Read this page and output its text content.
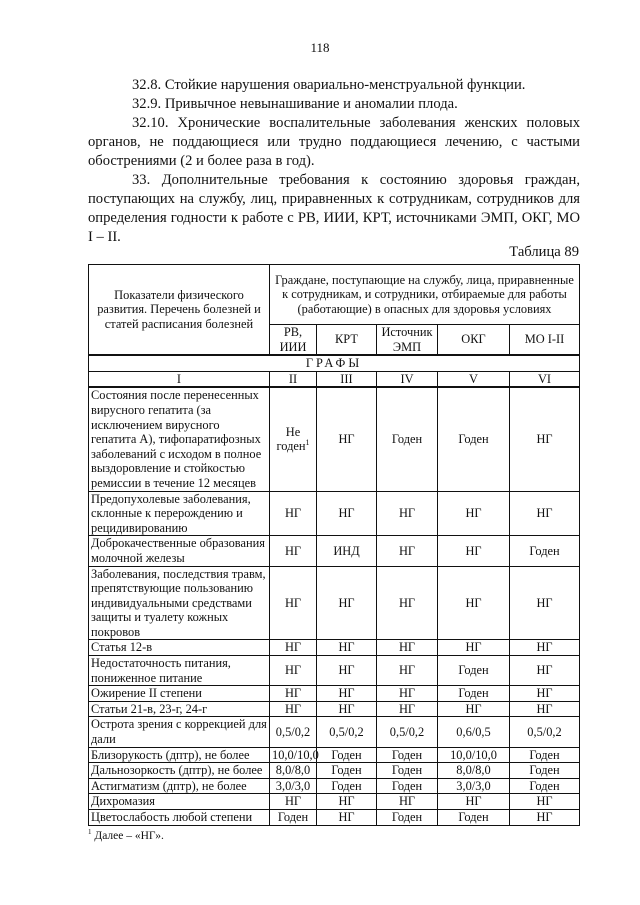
118

32.8. Стойкие нарушения овариально-менструальной функции.

32.9. Привычное невынашивание и аномалии плода.

32.10. Хронические воспалительные заболевания женских половых органов, не поддающиеся или трудно поддающиеся лечению, с частыми обострениями (2 и более раза в год).

33. Дополнительные требования к состоянию здоровья граждан, поступающих на службу, лиц, приравненных к сотрудникам, сотрудников для определения годности к работе с РВ, ИИИ, КРТ, источниками ЭМП, ОКГ, МО I – II.

Таблица 89
Показатели физического развития. Перечень болезней и статей расписания болезней	Граждане, поступающие на службу, лица, приравненные к сотрудникам, и сотрудники, отбираемые для работы (работающие) в опасных для здоровья условиях				
	РВ, ИИИ	КРТ	Источник ЭМП	ОКГ	МО I-II
ГРАФЫ					
I	II	III	IV	V	VI
Состояния после перенесенных вирусного гепатита (за исключением вирусного гепатита А), тифопаратифозных заболеваний с исходом в полное выздоровление и стойкостью ремиссии в течение 12 месяцев	Не годен$^1$	НГ	Годен	Годен	НГ
Предопухолевые заболевания, склонные к перерождению и рецидивированию	НГ	НГ	НГ	НГ	НГ
Доброкачественные образования молочной железы	НГ	ИНД	НГ	НГ	Годен
Заболевания, последствия травм, препятствующие пользованию индивидуальными средствами защиты и туалету кожных покровов	НГ	НГ	НГ	НГ	НГ
Статья 12-в	НГ	НГ	НГ	НГ	НГ
Недостаточность питания, пониженное питание	НГ	НГ	НГ	Годен	НГ
Ожирение II степени	НГ	НГ	НГ	Годен	НГ
Статьи 21-в, 23-г, 24-г	НГ	НГ	НГ	НГ	НГ
Острота зрения с коррекцией для дали	0,5/0,2	0,5/0,2	0,5/0,2	0,6/0,5	0,5/0,2
Близорукость (дптр), не более	10,0/10,0	Годен	Годен	10,0/10,0	Годен
Дальнозоркость (дптр), не более	8,0/8,0	Годен	Годен	8,0/8,0	Годен
Астигматизм (дптр), не более	3,0/3,0	Годен	Годен	3,0/3,0	Годен
Дихромазия	НГ	НГ	НГ	НГ	НГ
Цветослабость любой степени	Годен	НГ	Годен	Годен	НГ
$^1$ Далее – «НГ».
